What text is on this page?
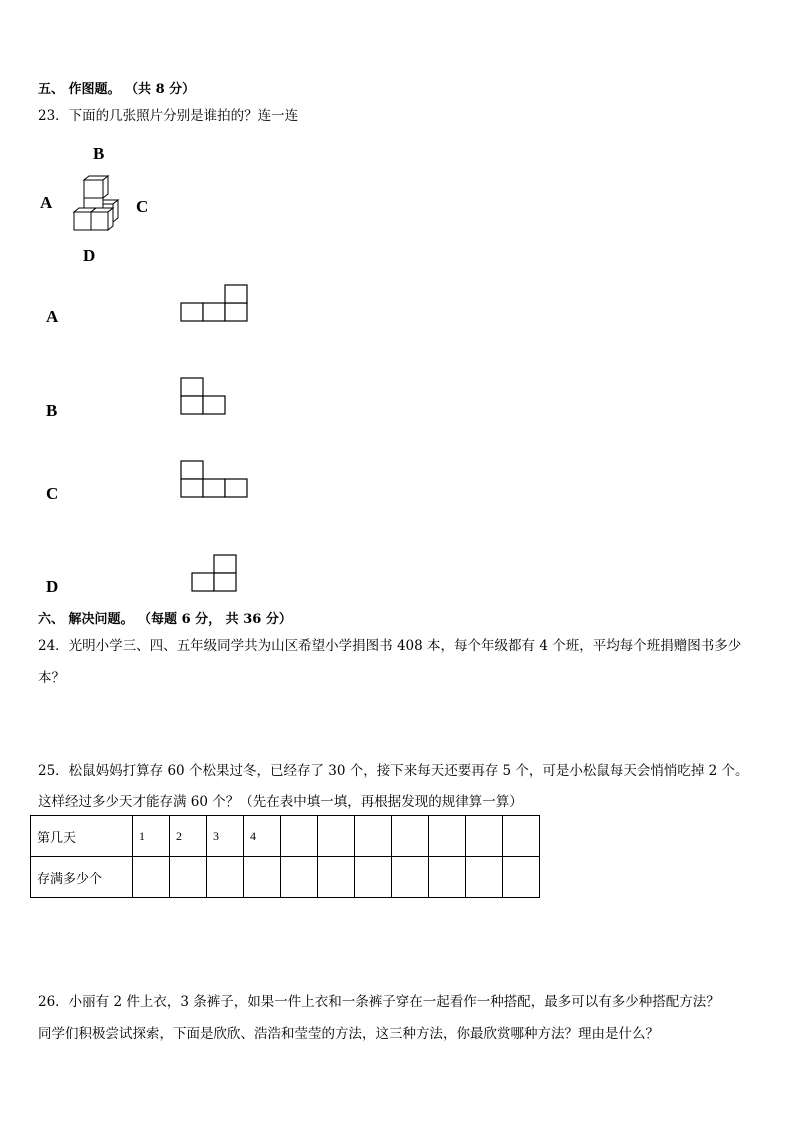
五、 作图题。 （共 8 分）
23．下面的几张照片分别是谁拍的？连一连
B
A	C
D
A
B
C
D
六、 解决问题。 （每题 6 分， 共 36 分）
24．光明小学三、四、五年级同学共为山区希望小学捐图书 408 本，每个年级都有 4 个班，平均每个班捐赠图书多少
本？
25．松鼠妈妈打算存 60 个松果过冬，已经存了 30 个，接下来每天还要再存 5 个，可是小松鼠每天会悄悄吃掉 2 个。
这样经过多少天才能存满 60 个？（先在表中填一填，再根据发现的规律算一算）
第几天	1	2	3	4							
存满多少个											
26．小丽有 2 件上衣，3 条裤子，如果一件上衣和一条裤子穿在一起看作一种搭配，最多可以有多少种搭配方法？
同学们积极尝试探索，下面是欣欣、浩浩和莹莹的方法，这三种方法，你最欣赏哪种方法？理由是什么？
